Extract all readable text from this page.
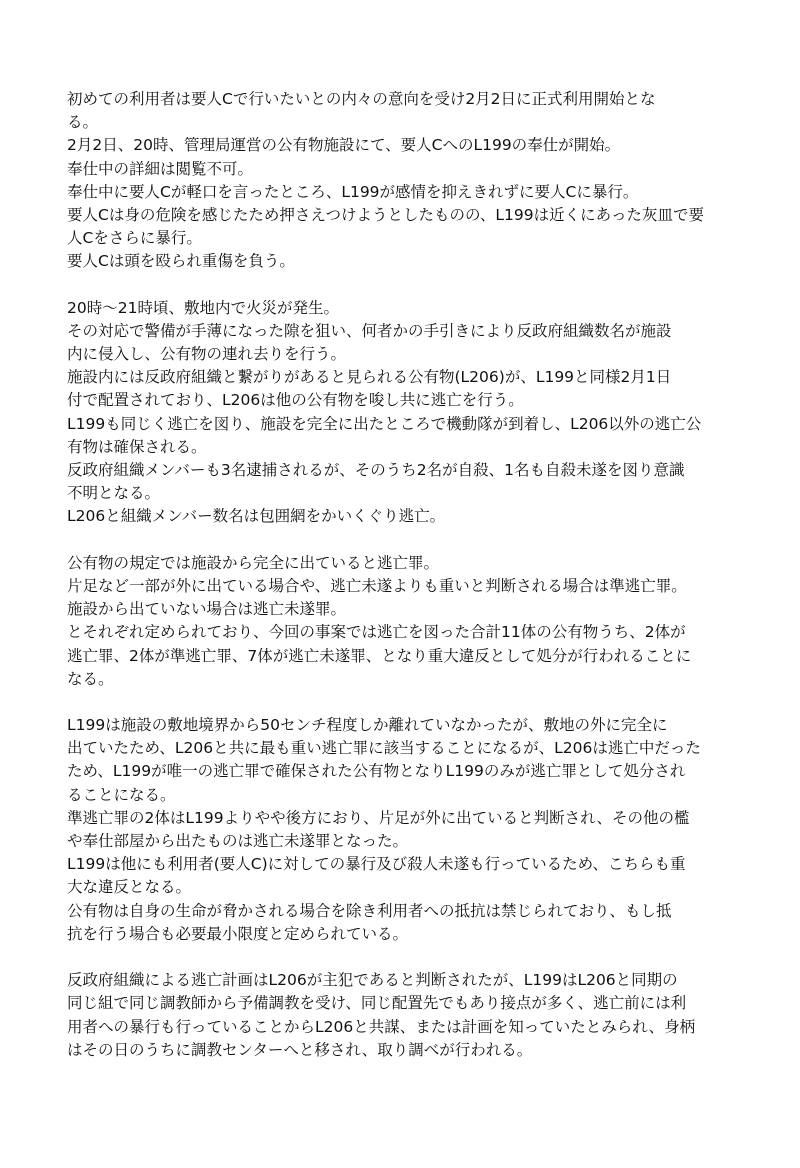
初めての利用者は要人Cで行いたいとの内々の意向を受け2月2日に正式利用開始とな
る。
2月2日、20時、管理局運営の公有物施設にて、要人CへのL199の奉仕が開始。
奉仕中の詳細は閲覧不可。
奉仕中に要人Cが軽口を言ったところ、L199が感情を抑えきれずに要人Cに暴行。
要人Cは身の危険を感じたため押さえつけようとしたものの、L199は近くにあった灰皿で要
人Cをさらに暴行。
要人Cは頭を殴られ重傷を負う。
20時〜21時頃、敷地内で火災が発生。
その対応で警備が手薄になった隙を狙い、何者かの手引きにより反政府組織数名が施設
内に侵入し、公有物の連れ去りを行う。
施設内には反政府組織と繋がりがあると見られる公有物(L206)が、L199と同様2月1日
付で配置されており、L206は他の公有物を唆し共に逃亡を行う。
L199も同じく逃亡を図り、施設を完全に出たところで機動隊が到着し、L206以外の逃亡公
有物は確保される。
反政府組織メンバーも3名逮捕されるが、そのうち2名が自殺、1名も自殺未遂を図り意識
不明となる。
L206と組織メンバー数名は包囲網をかいくぐり逃亡。
公有物の規定では施設から完全に出ていると逃亡罪。
片足など一部が外に出ている場合や、逃亡未遂よりも重いと判断される場合は準逃亡罪。
施設から出ていない場合は逃亡未遂罪。
とそれぞれ定められており、今回の事案では逃亡を図った合計11体の公有物うち、2体が
逃亡罪、2体が準逃亡罪、7体が逃亡未遂罪、となり重大違反として処分が行われることに
なる。
L199は施設の敷地境界から50センチ程度しか離れていなかったが、敷地の外に完全に
出ていたため、L206と共に最も重い逃亡罪に該当することになるが、L206は逃亡中だった
ため、L199が唯一の逃亡罪で確保された公有物となりL199のみが逃亡罪として処分され
ることになる。
準逃亡罪の2体はL199よりやや後方におり、片足が外に出ていると判断され、その他の檻
や奉仕部屋から出たものは逃亡未遂罪となった。
L199は他にも利用者(要人C)に対しての暴行及び殺人未遂も行っているため、こちらも重
大な違反となる。
公有物は自身の生命が脅かされる場合を除き利用者への抵抗は禁じられており、もし抵
抗を行う場合も必要最小限度と定められている。
反政府組織による逃亡計画はL206が主犯であると判断されたが、L199はL206と同期の
同じ組で同じ調教師から予備調教を受け、同じ配置先でもあり接点が多く、逃亡前には利
用者への暴行も行っていることからL206と共謀、または計画を知っていたとみられ、身柄
はその日のうちに調教センターへと移され、取り調べが行われる。
